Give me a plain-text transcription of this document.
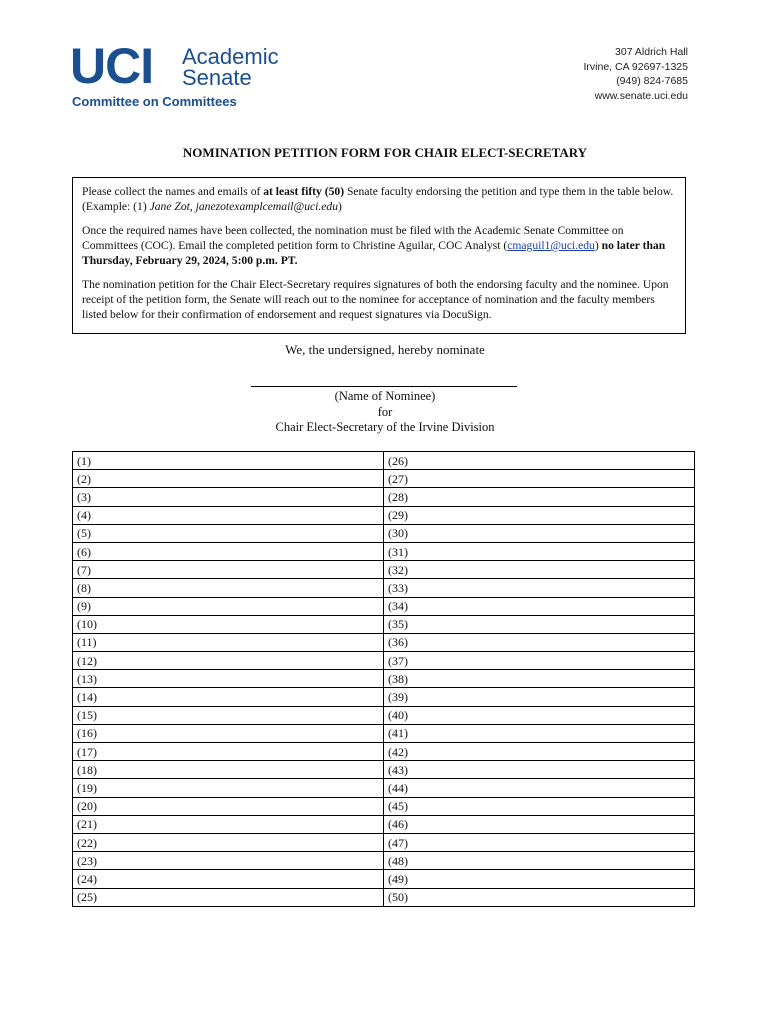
UCI Academic
Senate
Committee on Committees
307 Aldrich Hall
Irvine, CA 92697-1325
(949) 824-7685
www.senate.uci.edu
NOMINATION PETITION FORM FOR CHAIR ELECT-SECRETARY

Please collect the names and emails of at least fifty (50) Senate faculty endorsing the petition and type them in the table below. (Example: (1) Jane Zot, janezotexamplcemail@uci.edu)

Once the required names have been collected, the nomination must be filed with the Academic Senate Committee on Committees (COC). Email the completed petition form to Christine Aguilar, COC Analyst (cmaguil1@uci.edu) no later than Thursday, February 29, 2024, 5:00 p.m. PT.

The nomination petition for the Chair Elect-Secretary requires signatures of both the endorsing faculty and the nominee. Upon receipt of the petition form, the Senate will reach out to the nominee for acceptance of nomination and the faculty members listed below for their confirmation of endorsement and request signatures via DocuSign.

We, the undersigned, hereby nominate
(Name of Nominee)
for
Chair Elect-Secretary of the Irvine Division
(1)	(26)
(2)	(27)
(3)	(28)
(4)	(29)
(5)	(30)
(6)	(31)
(7)	(32)
(8)	(33)
(9)	(34)
(10)	(35)
(11)	(36)
(12)	(37)
(13)	(38)
(14)	(39)
(15)	(40)
(16)	(41)
(17)	(42)
(18)	(43)
(19)	(44)
(20)	(45)
(21)	(46)
(22)	(47)
(23)	(48)
(24)	(49)
(25)	(50)
